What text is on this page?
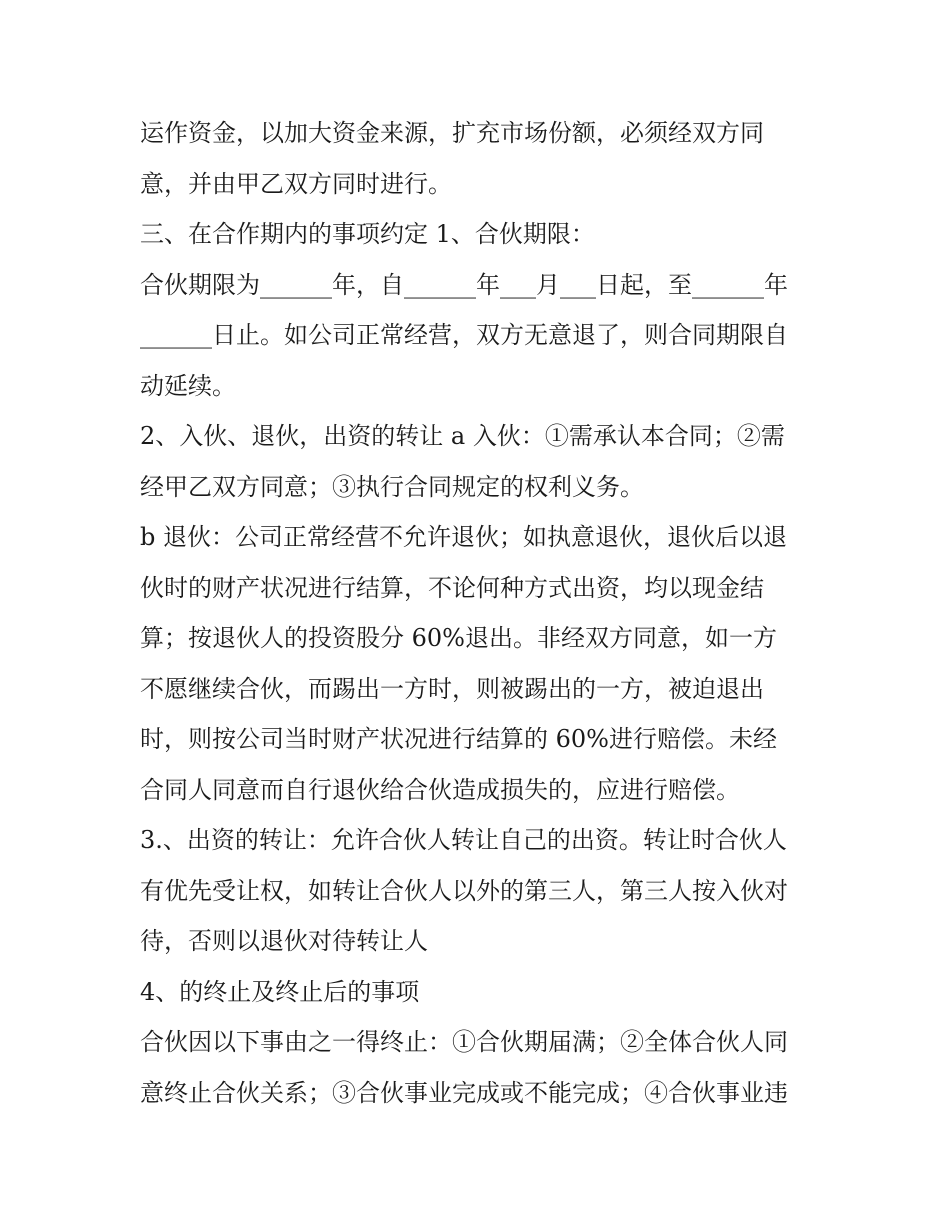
运作资金，以加大资金来源，扩充市场份额，必须经双方同
意，并由甲乙双方同时进行。
三、在合作期内的事项约定 1、合伙期限：
合伙期限为______年，自______年___月___日起，至______年
______日止。如公司正常经营，双方无意退了，则合同期限自
动延续。
2、入伙、退伙，出资的转让 a 入伙：①需承认本合同；②需
经甲乙双方同意；③执行合同规定的权利义务。
b 退伙：公司正常经营不允许退伙；如执意退伙，退伙后以退
伙时的财产状况进行结算，不论何种方式出资，均以现金结
算；按退伙人的投资股分 60%退出。非经双方同意，如一方
不愿继续合伙，而踢出一方时，则被踢出的一方，被迫退出
时，则按公司当时财产状况进行结算的 60%进行赔偿。未经
合同人同意而自行退伙给合伙造成损失的，应进行赔偿。
3.、出资的转让：允许合伙人转让自己的出资。转让时合伙人
有优先受让权，如转让合伙人以外的第三人，第三人按入伙对
待，否则以退伙对待转让人
4、的终止及终止后的事项
合伙因以下事由之一得终止：①合伙期届满；②全体合伙人同
意终止合伙关系；③合伙事业完成或不能完成；④合伙事业违
